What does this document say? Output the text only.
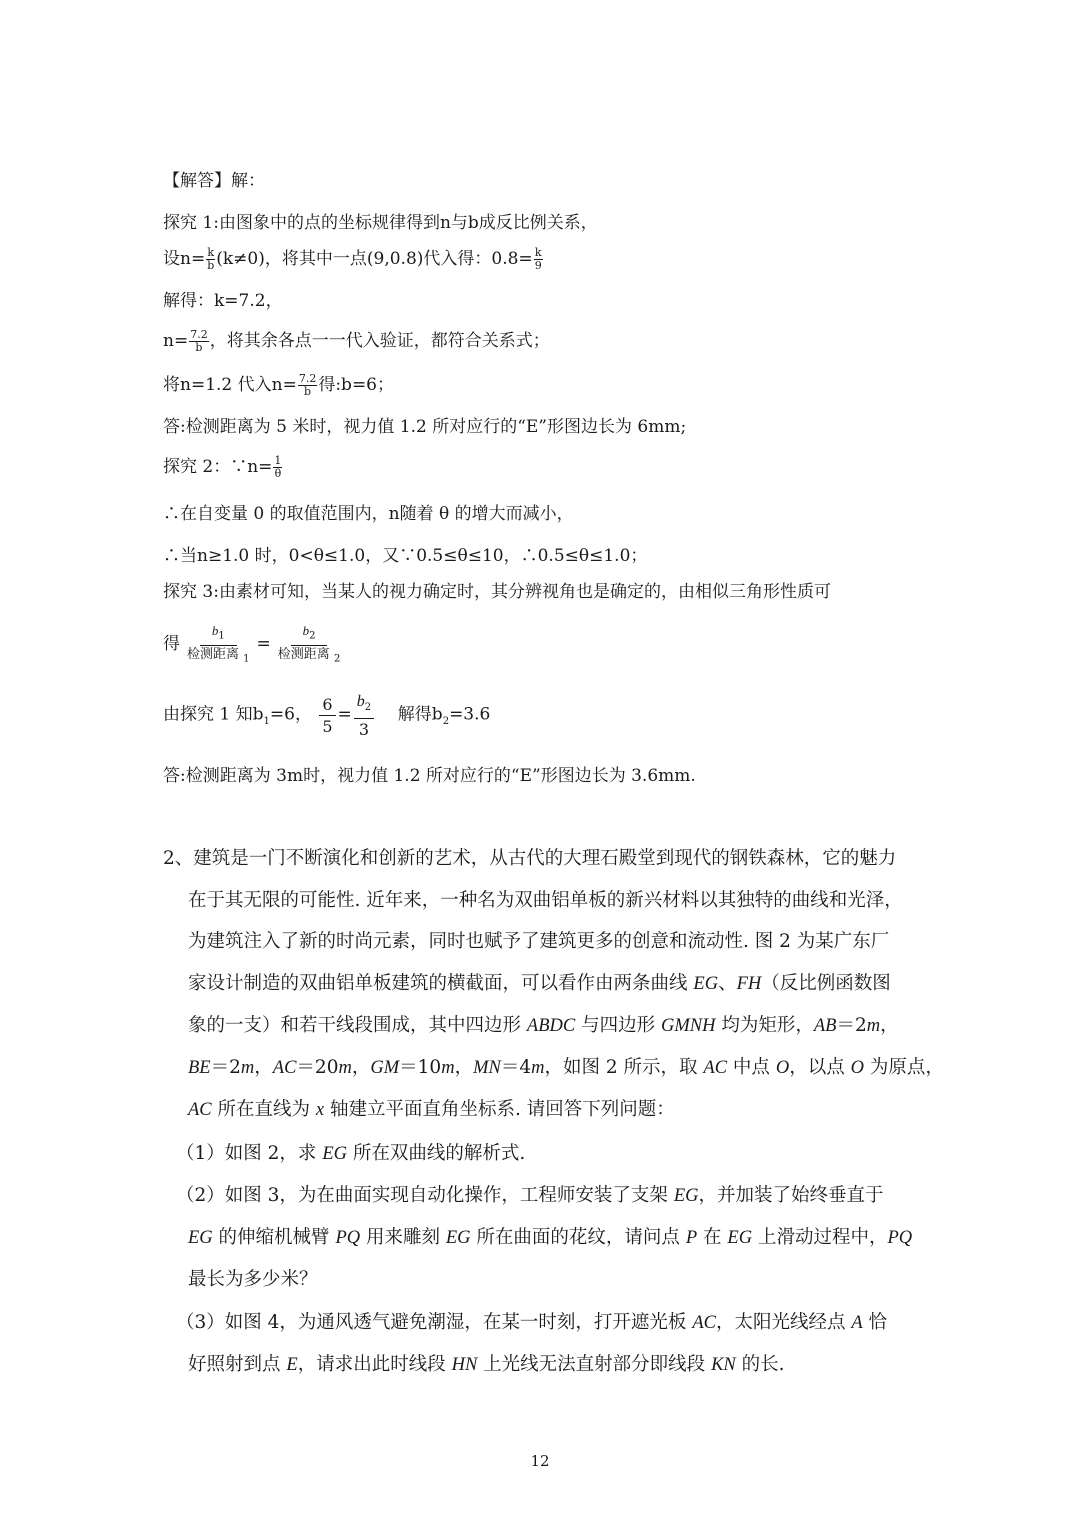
【解答】解：
探究 1:由图象中的点的坐标规律得到n与b成反比例关系，
设$n= \frac{k}{b} (k\ne 0)$，将其中一点(9,0.8)代入得：$0.8= \frac{k}{9}$
解得：k=7.2，
$n= \frac{7.2}{b}$ ，将其余各点一一代入验证，都符合关系式；
将n=1.2 代入$n= \frac{7.2}{b}$ 得:b=6；
答:检测距离为 5 米时，视力值 1.2 所对应行的“E”形图边长为 6mm;
探究 2：∵n= $\frac{1}{\theta}$
∴在自变量 0 的取值范围内，n随着 θ 的增大而减小，
∴当n≥1.0 时，0<θ≤1.0，又∵0.5≤θ≤10，∴0.5≤θ≤1.0；
探究 3:由素材可知，当某人的视力确定时，其分辨视角也是确定的，由相似三角形性质可
得 $\frac{b_1}{检测距离 _1} = \frac{b_2}{检测距离 _2}$
由探究 1 知$b_1=6$， $\frac{6}{5} = \frac{b_2}{3}$ 解得$b_2=3.6$
答:检测距离为 3m时，视力值 1.2 所对应行的“E”形图边长为 3.6mm.
2、建筑是一门不断演化和创新的艺术，从古代的大理石殿堂到现代的钢铁森林，它的魅力
在于其无限的可能性. 近年来，一种名为双曲铝单板的新兴材料以其独特的曲线和光泽，
为建筑注入了新的时尚元素，同时也赋予了建筑更多的创意和流动性. 图 2 为某广东厂
家设计制造的双曲铝单板建筑的横截面，可以看作由两条曲线 EG、FH（反比例函数图
象的一支）和若干线段围成，其中四边形 ABDC 与四边形 GMNH 均为矩形，AB＝2m，
BE＝2m，AC＝20m，GM＝10m，MN＝4m，如图 2 所示，取 AC 中点 O，以点 O 为原点，
AC 所在直线为 x 轴建立平面直角坐标系. 请回答下列问题：
（1）如图 2，求 EG 所在双曲线的解析式.
（2）如图 3，为在曲面实现自动化操作，工程师安装了支架 EG，并加装了始终垂直于
EG 的伸缩机械臂 PQ 用来雕刻 EG 所在曲面的花纹，请问点 P 在 EG 上滑动过程中，PQ
最长为多少米？
（3）如图 4，为通风透气避免潮湿，在某一时刻，打开遮光板 AC，太阳光线经点 A 恰
好照射到点 E，请求出此时线段 HN 上光线无法直射部分即线段 KN 的长.
12
